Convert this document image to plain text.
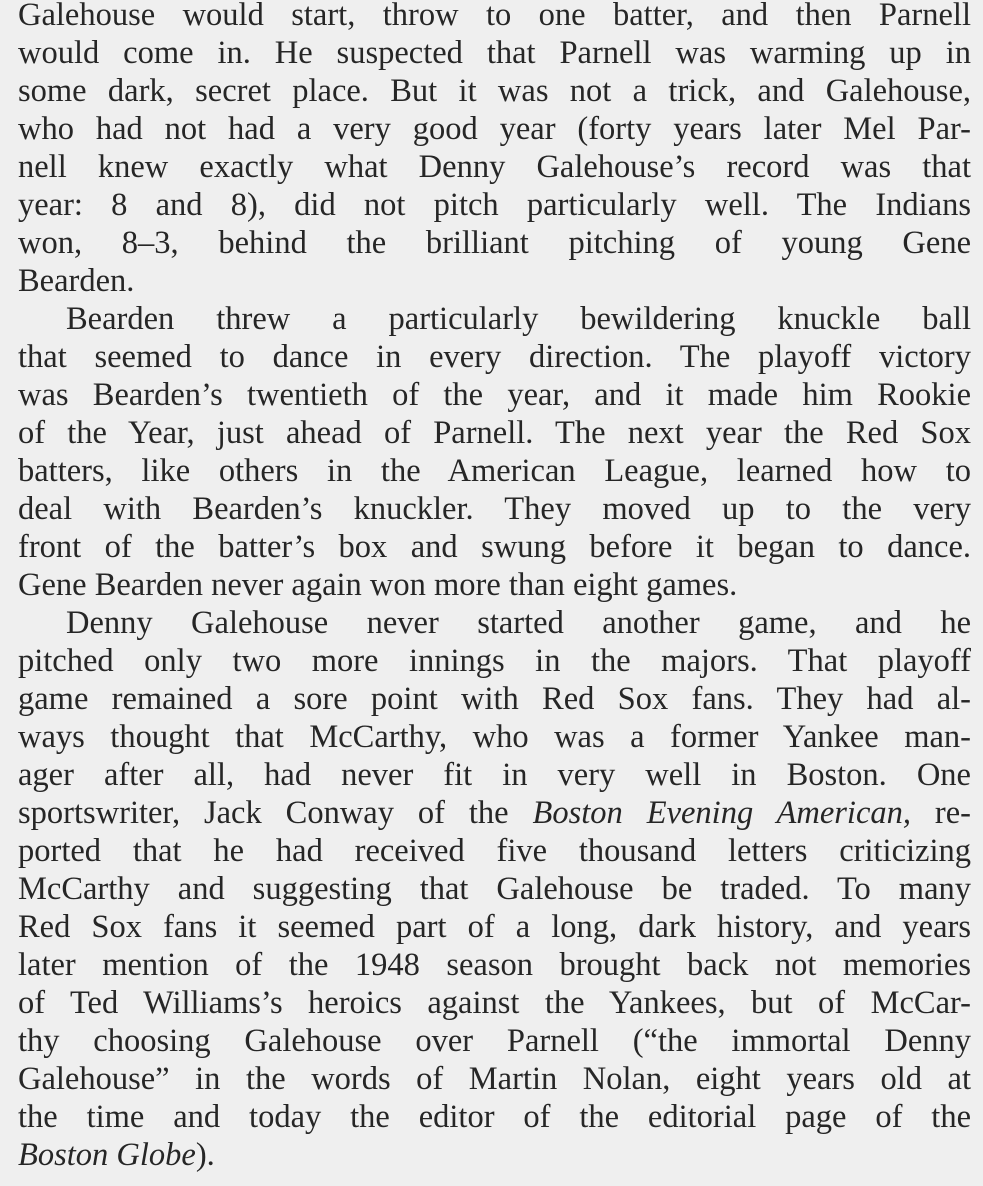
Galehouse would start, throw to one batter, and then Parnell
would come in. He suspected that Parnell was warming up in
some dark, secret place. But it was not a trick, and Galehouse,
who had not had a very good year (forty years later Mel Par-
nell knew exactly what Denny Galehouse’s record was that
year: 8 and 8), did not pitch particularly well. The Indians
won, 8–3, behind the brilliant pitching of young Gene
Bearden.
Bearden threw a particularly bewildering knuckle ball
that seemed to dance in every direction. The playoff victory
was Bearden’s twentieth of the year, and it made him Rookie
of the Year, just ahead of Parnell. The next year the Red Sox
batters, like others in the American League, learned how to
deal with Bearden’s knuckler. They moved up to the very
front of the batter’s box and swung before it began to dance.
Gene Bearden never again won more than eight games.
Denny Galehouse never started another game, and he
pitched only two more innings in the majors. That playoff
game remained a sore point with Red Sox fans. They had al-
ways thought that McCarthy, who was a former Yankee man-
ager after all, had never fit in very well in Boston. One
sportswriter, Jack Conway of the Boston Evening American, re-
ported that he had received five thousand letters criticizing
McCarthy and suggesting that Galehouse be traded. To many
Red Sox fans it seemed part of a long, dark history, and years
later mention of the 1948 season brought back not memories
of Ted Williams’s heroics against the Yankees, but of McCar-
thy choosing Galehouse over Parnell (“the immortal Denny
Galehouse” in the words of Martin Nolan, eight years old at
the time and today the editor of the editorial page of the
Boston Globe).
